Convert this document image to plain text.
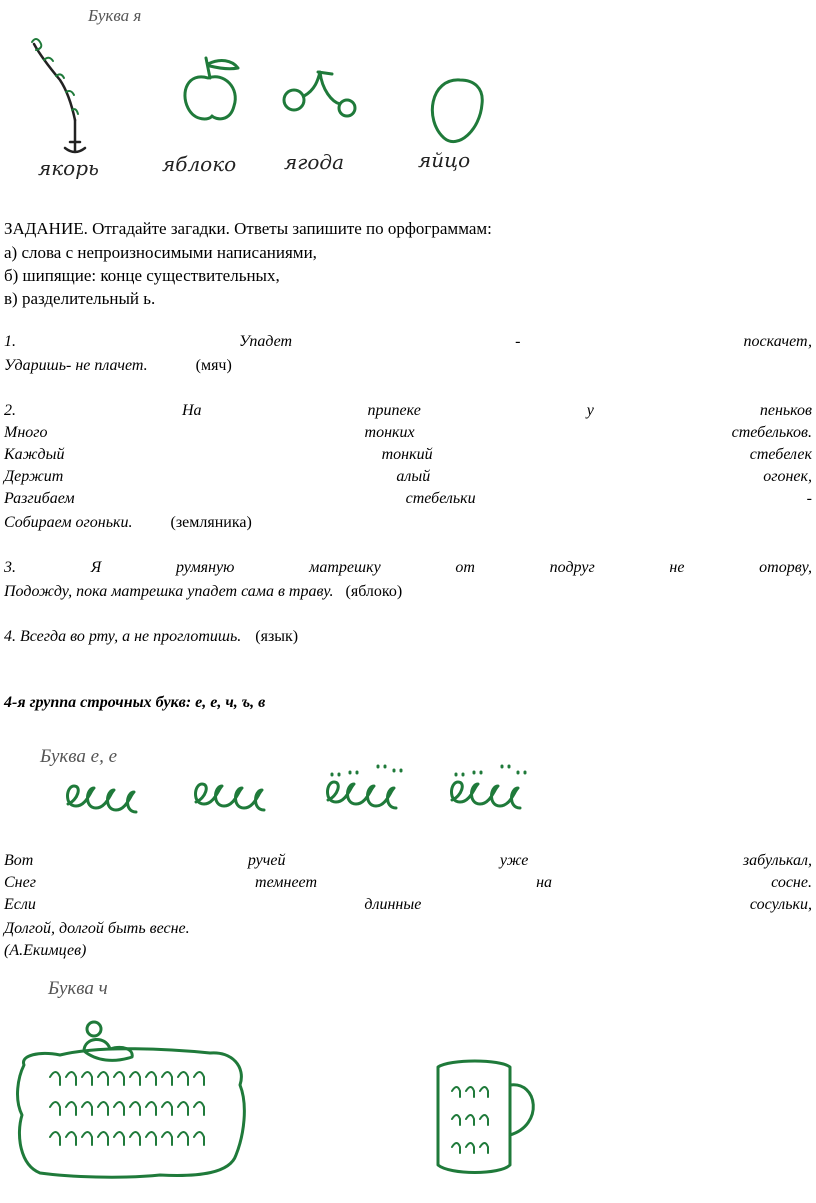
Буква я
якорь	яблоко ягода	яйцо
ЗАДАНИЕ. Отгадайте загадки. Ответы запишите по орфограммам:
а) слова с непроизносимыми написаниями,
б) шипящие: конце существительных,
в) разделительный ь.
1.	Упадет	-	поскачет,
Ударишь- не плачет.	(мяч)
2.	На	припеке	у	пеньков
Много	тонких	стебельков.
Каждый	тонкий	стебелек
Держит	алый	огонек,
Разгибаем	стебельки	-
Собираем огоньки. (земляника)
3.	Я	румяную	матрешку	от	подруг	не	оторву,
Подожду, пока матрешка упадет сама в траву. (яблоко)
4. Всегда во рту, а не проглотишь. (язык)
4-я группа строчных букв: е, е, ч, ъ, в
Буква е, е
Вот	ручей	уже	забулькал,
Снег	темнеет	на	сосне.
Если	длинные	сосульки,
Долгой, долгой быть весне.
(А.Екимцев)
Буква ч
